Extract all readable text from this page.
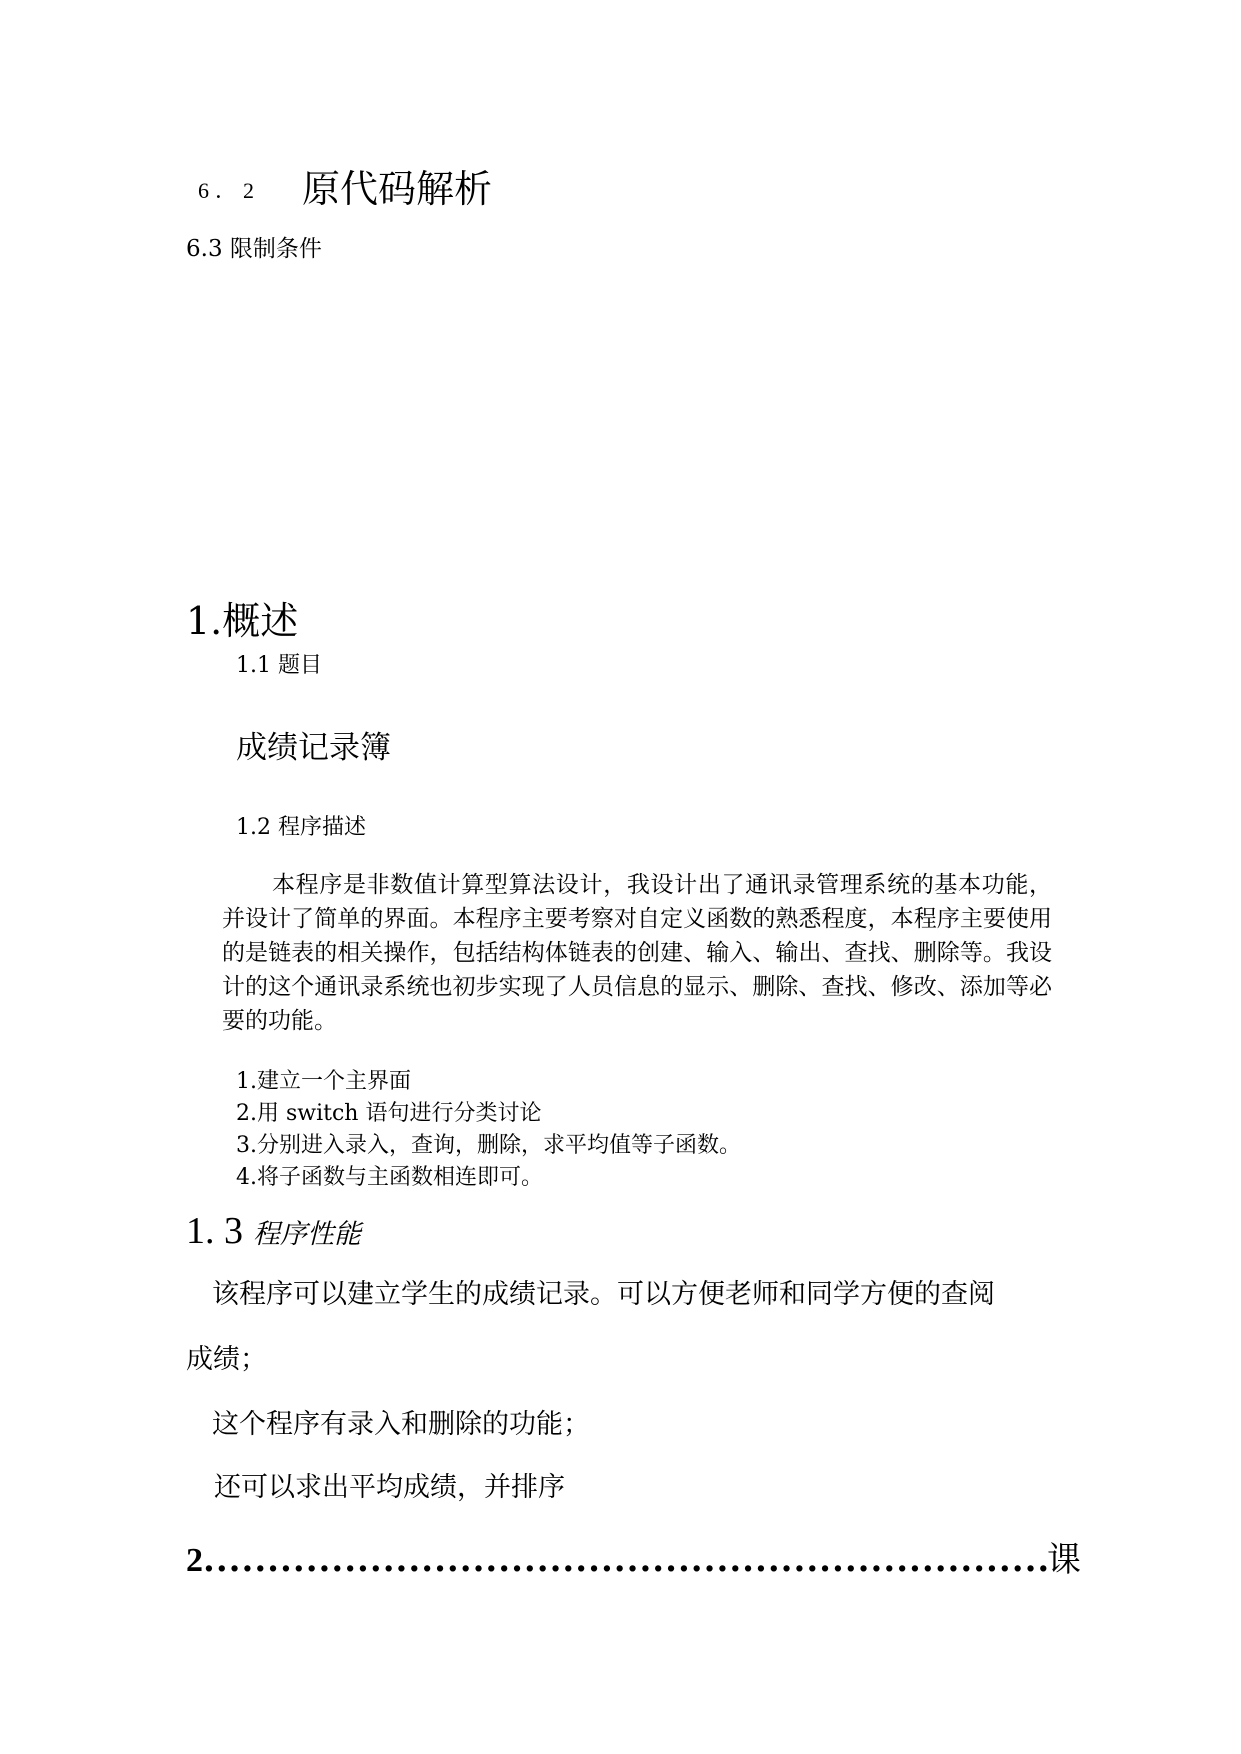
6．2 原代码解析
6.3 限制条件
1.概述
1.1 题目
成绩记录簿
1.2 程序描述

本程序是非数值计算型算法设计，我设计出了通讯录管理系统的基本功能，并设计了简单的界面。本程序主要考察对自定义函数的熟悉程度，本程序主要使用的是链表的相关操作，包括结构体链表的创建、输入、输出、查找、删除等。我设计的这个通讯录系统也初步实现了人员信息的显示、删除、查找、修改、添加等必要的功能。

1.建立一个主界面
2.用 switch 语句进行分类讨论
3.分别进入录入，查询，删除，求平均值等子函数。
4.将子函数与主函数相连即可。
1. 3 程序性能
该程序可以建立学生的成绩记录。可以方便老师和同学方便的查阅
成绩；
这个程序有录入和删除的功能；
还可以求出平均成绩，并排序
2
.....	课
